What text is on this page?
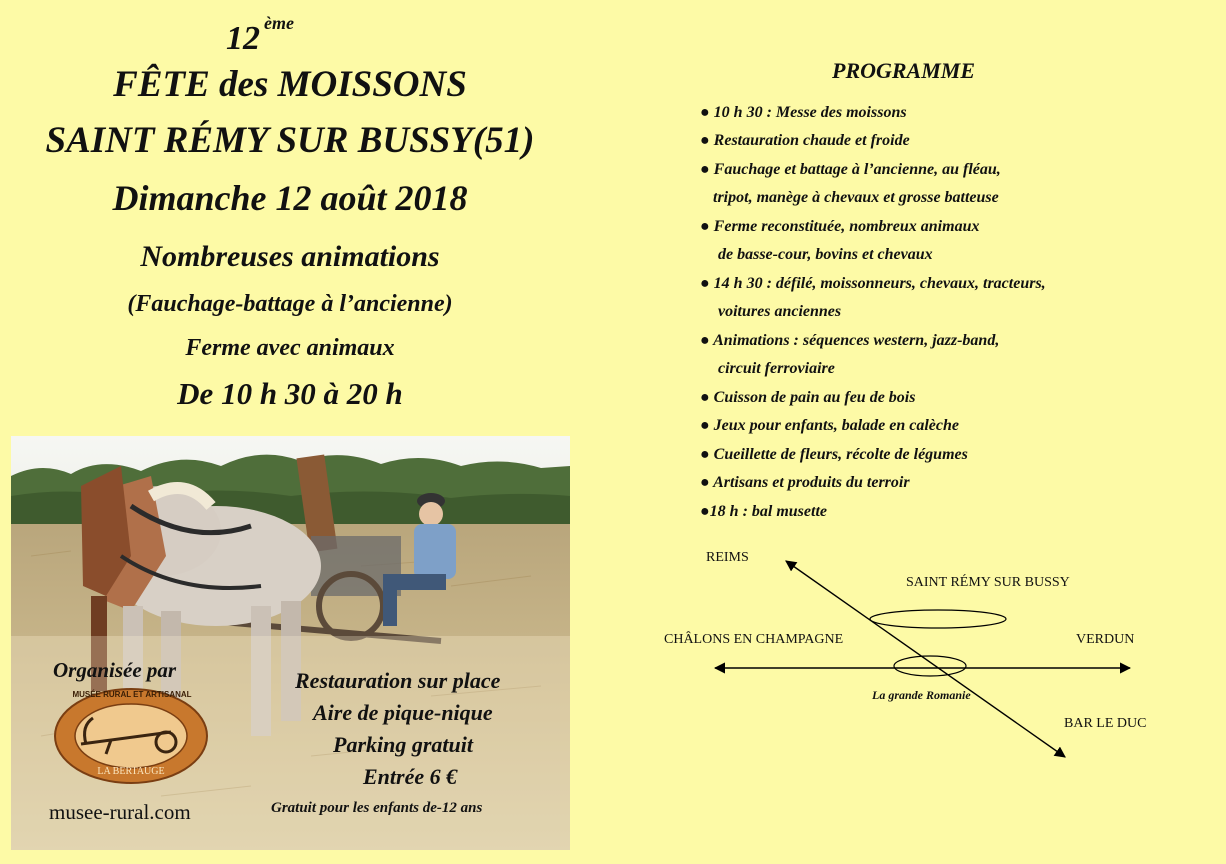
12 $^{ème}$
FÊTE des MOISSONS
SAINT RÉMY SUR BUSSY(51)
Dimanche 12 août 2018
Nombreuses animations
(Fauchage-battage à l’ancienne)
Ferme avec animaux
De 10 h 30 à 20 h
Organisée par
MUSÉE RURAL ET ARTISANAL
LA BERTAUGE
musee-rural.com
Restauration sur place
Aire de pique-nique
Parking gratuit
Entrée 6 €
Gratuit pour les enfants de-12 ans
PROGRAMME
● 10 h 30 : Messe des moissons
● Restauration chaude et froide
● Fauchage et battage à l’ancienne, au fléau,
tripot, manège à chevaux et grosse batteuse
● Ferme reconstituée, nombreux animaux
de basse-cour, bovins et chevaux
● 14 h 30 : défilé, moissonneurs, chevaux, tracteurs,
voitures anciennes
● Animations : séquences western, jazz-band,
circuit ferroviaire
● Cuisson de pain au feu de bois
● Jeux pour enfants, balade en calèche
● Cueillette de fleurs, récolte de légumes
● Artisans et produits du terroir
●18 h : bal musette
REIMS
SAINT RÉMY SUR BUSSY
CHÂLONS EN CHAMPAGNE	VERDUN
La grande Romanie
BAR LE DUC
